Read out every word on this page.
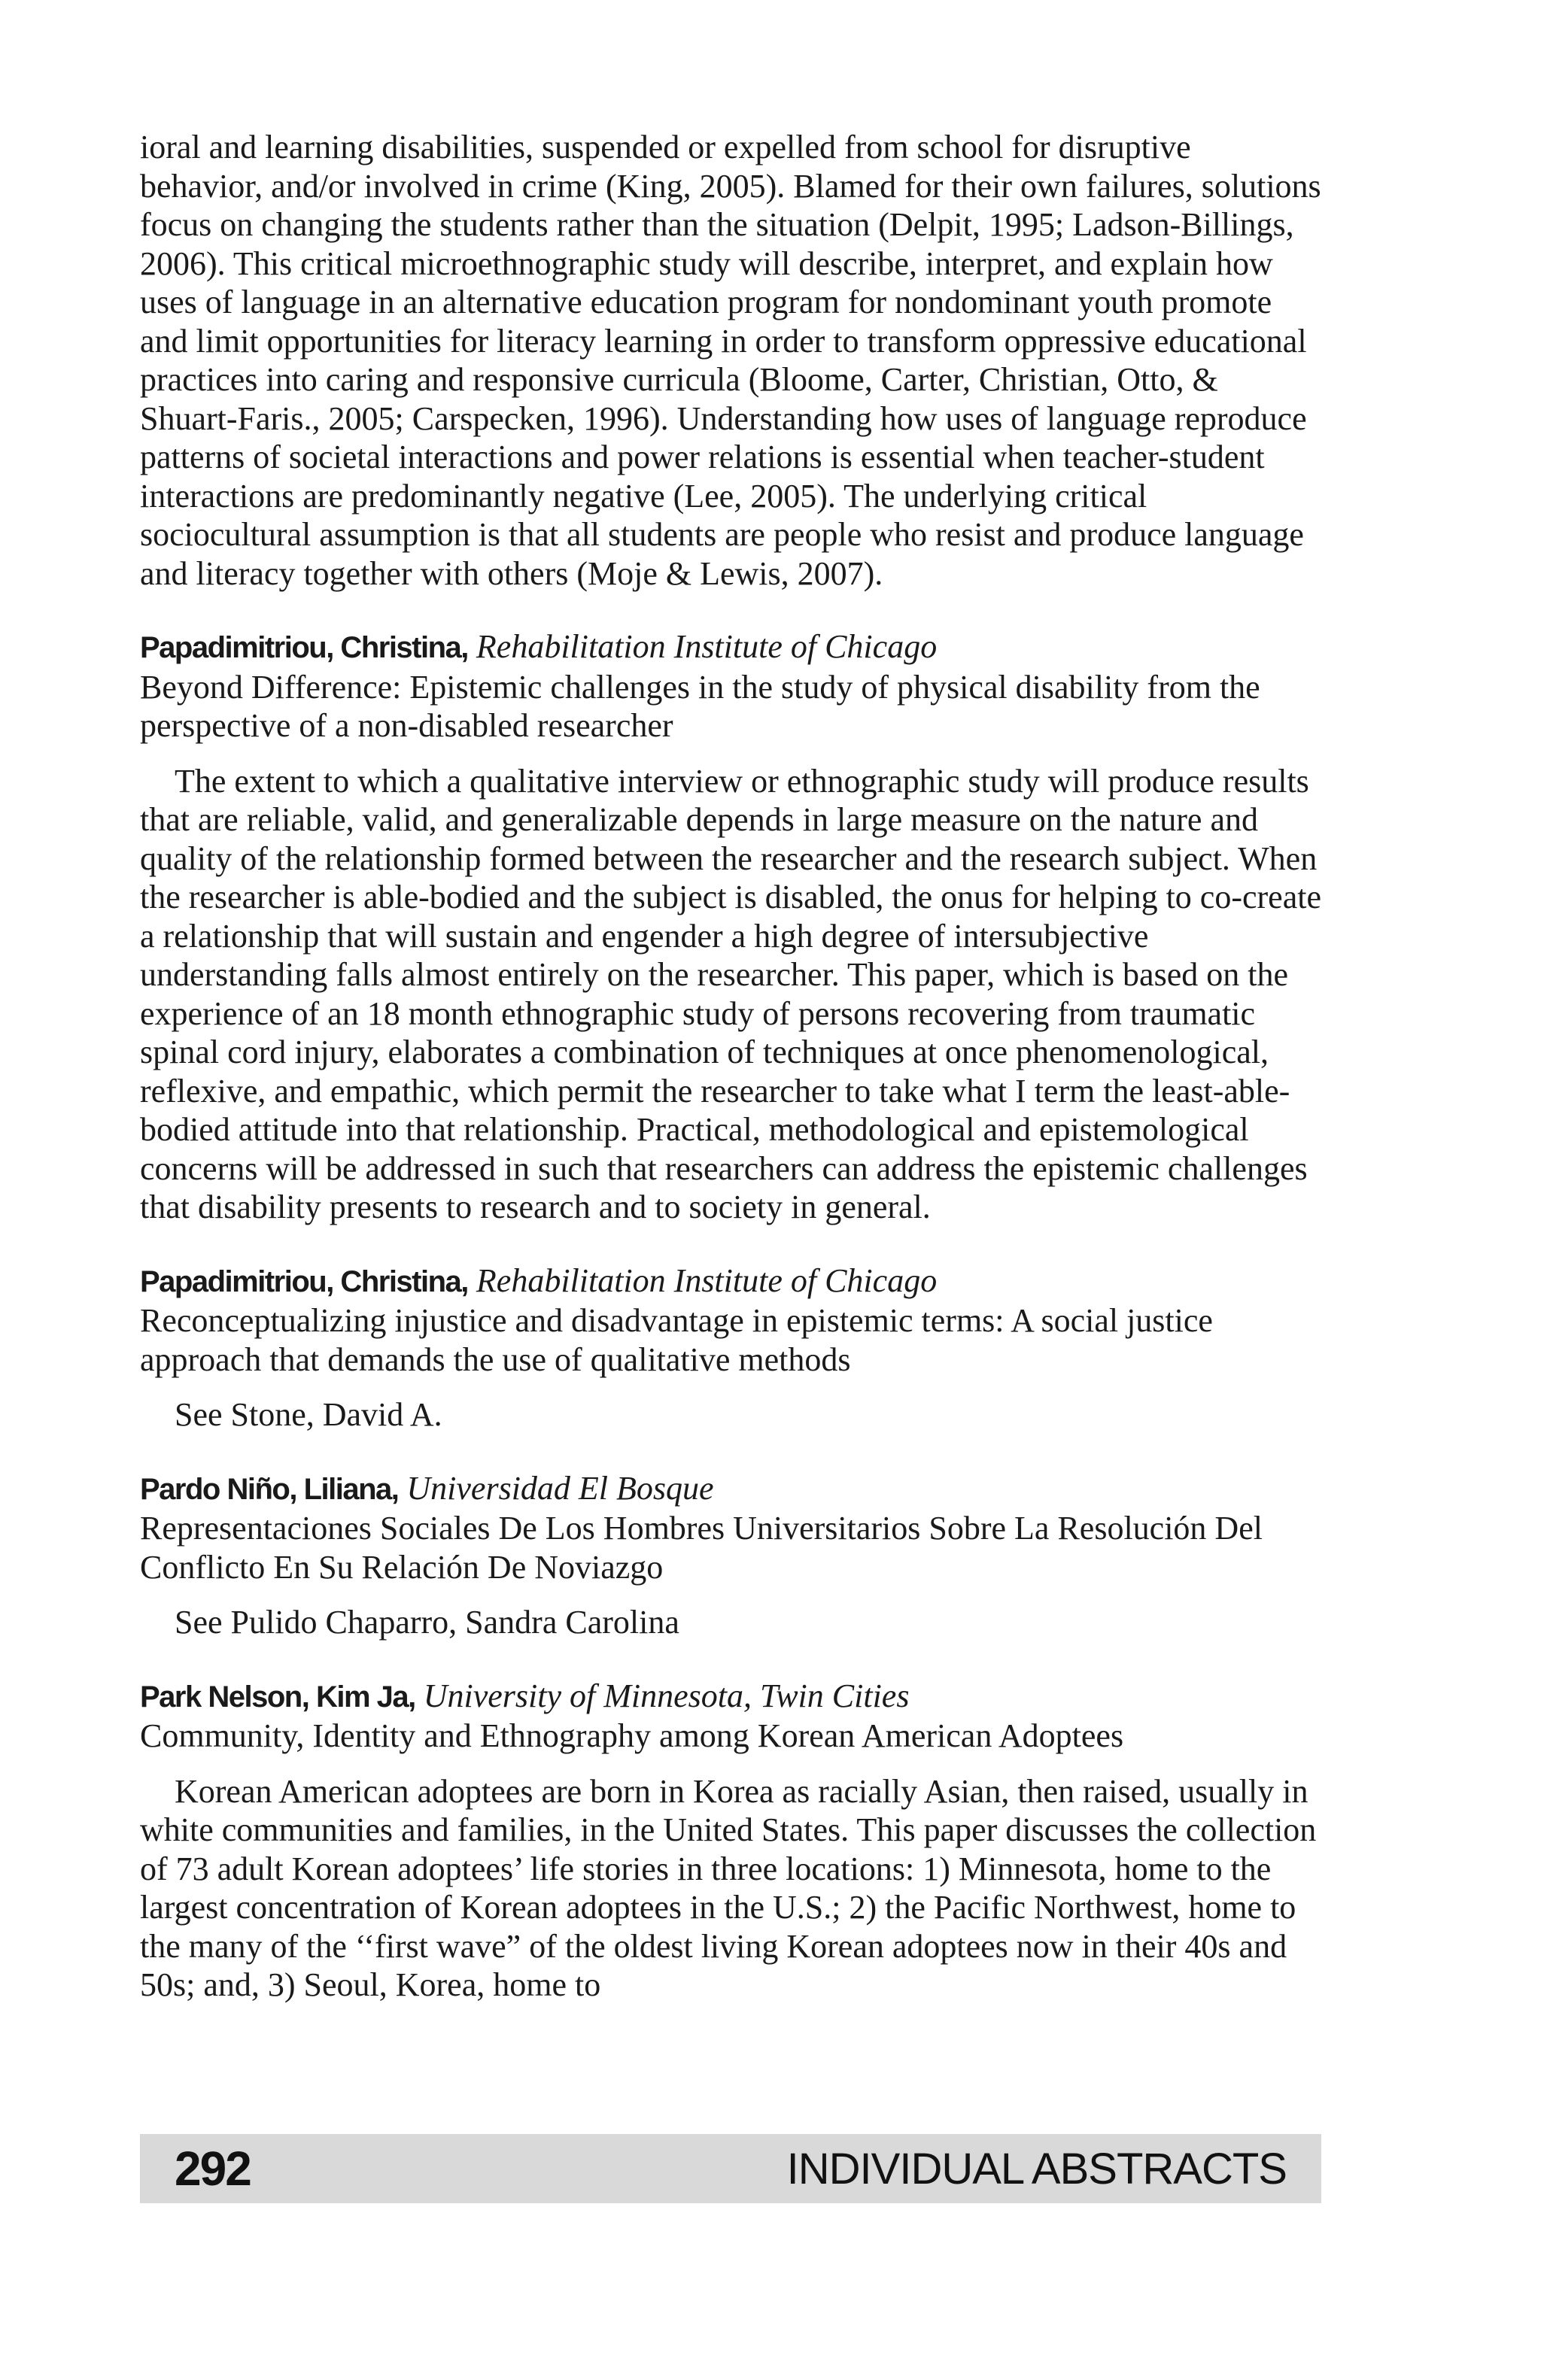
ioral and learning disabilities, suspended or expelled from school for disruptive behavior, and/or involved in crime (King, 2005). Blamed for their own failures, solutions focus on changing the students rather than the situation (Delpit, 1995; Ladson-Billings, 2006). This critical microethnographic study will describe, interpret, and explain how uses of language in an alternative education program for nondominant youth promote and limit opportunities for literacy learning in order to transform oppressive educational practices into caring and responsive curricula (Bloome, Carter, Christian, Otto, & Shuart-Faris., 2005; Carspecken, 1996). Understanding how uses of language reproduce patterns of societal interactions and power relations is essential when teacher-student interactions are predominantly negative (Lee, 2005). The underlying critical sociocultural assumption is that all students are people who resist and produce language and literacy together with others (Moje & Lewis, 2007).

Papadimitriou, Christina, Rehabilitation Institute of Chicago

Beyond Difference: Epistemic challenges in the study of physical disability from the perspective of a non-disabled researcher

The extent to which a qualitative interview or ethnographic study will produce results that are reliable, valid, and generalizable depends in large measure on the nature and quality of the relationship formed between the researcher and the research subject. When the researcher is able-bodied and the subject is disabled, the onus for helping to co-create a relationship that will sustain and engender a high degree of intersubjective understanding falls almost entirely on the researcher. This paper, which is based on the experience of an 18 month ethnographic study of persons recovering from traumatic spinal cord injury, elaborates a combination of techniques at once phenomenological, reflexive, and empathic, which permit the researcher to take what I term the least-able-bodied attitude into that relationship. Practical, methodological and epistemological concerns will be addressed in such that researchers can address the epistemic challenges that disability presents to research and to society in general.

Papadimitriou, Christina, Rehabilitation Institute of Chicago

Reconceptualizing injustice and disadvantage in epistemic terms: A social justice approach that demands the use of qualitative methods

See Stone, David A.

Pardo Niño, Liliana, Universidad El Bosque

Representaciones Sociales De Los Hombres Universitarios Sobre La Resolución Del Conflicto En Su Relación De Noviazgo

See Pulido Chaparro, Sandra Carolina

Park Nelson, Kim Ja, University of Minnesota, Twin Cities

Community, Identity and Ethnography among Korean American Adoptees

Korean American adoptees are born in Korea as racially Asian, then raised, usually in white communities and families, in the United States. This paper discusses the collection of 73 adult Korean adoptees’ life stories in three locations: 1) Minnesota, home to the largest concentration of Korean adoptees in the U.S.; 2) the Pacific Northwest, home to the many of the ‘‘first wave” of the oldest living Korean adoptees now in their 40s and 50s; and, 3) Seoul, Korea, home to

292	INDIVIDUAL ABSTRACTS
